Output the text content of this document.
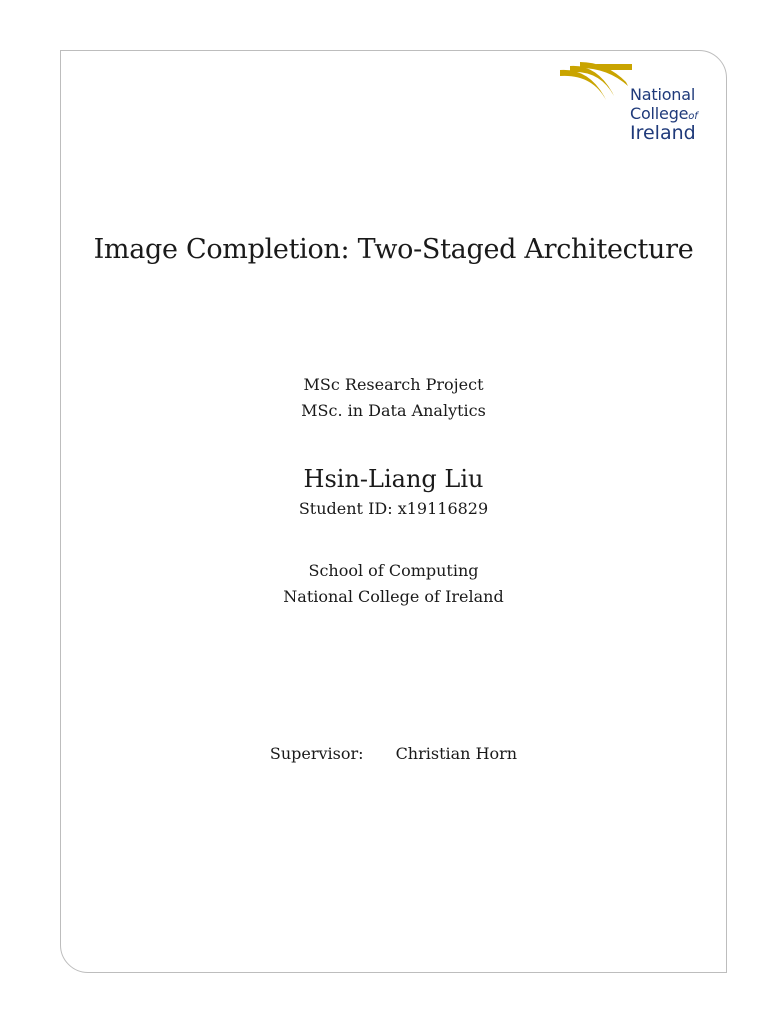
National
Collegeof
Ireland
Image Completion: Two-Staged Architecture
MSc Research Project
MSc. in Data Analytics
Hsin-Liang Liu
Student ID: x19116829
School of Computing
National College of Ireland
Supervisor: Christian Horn
